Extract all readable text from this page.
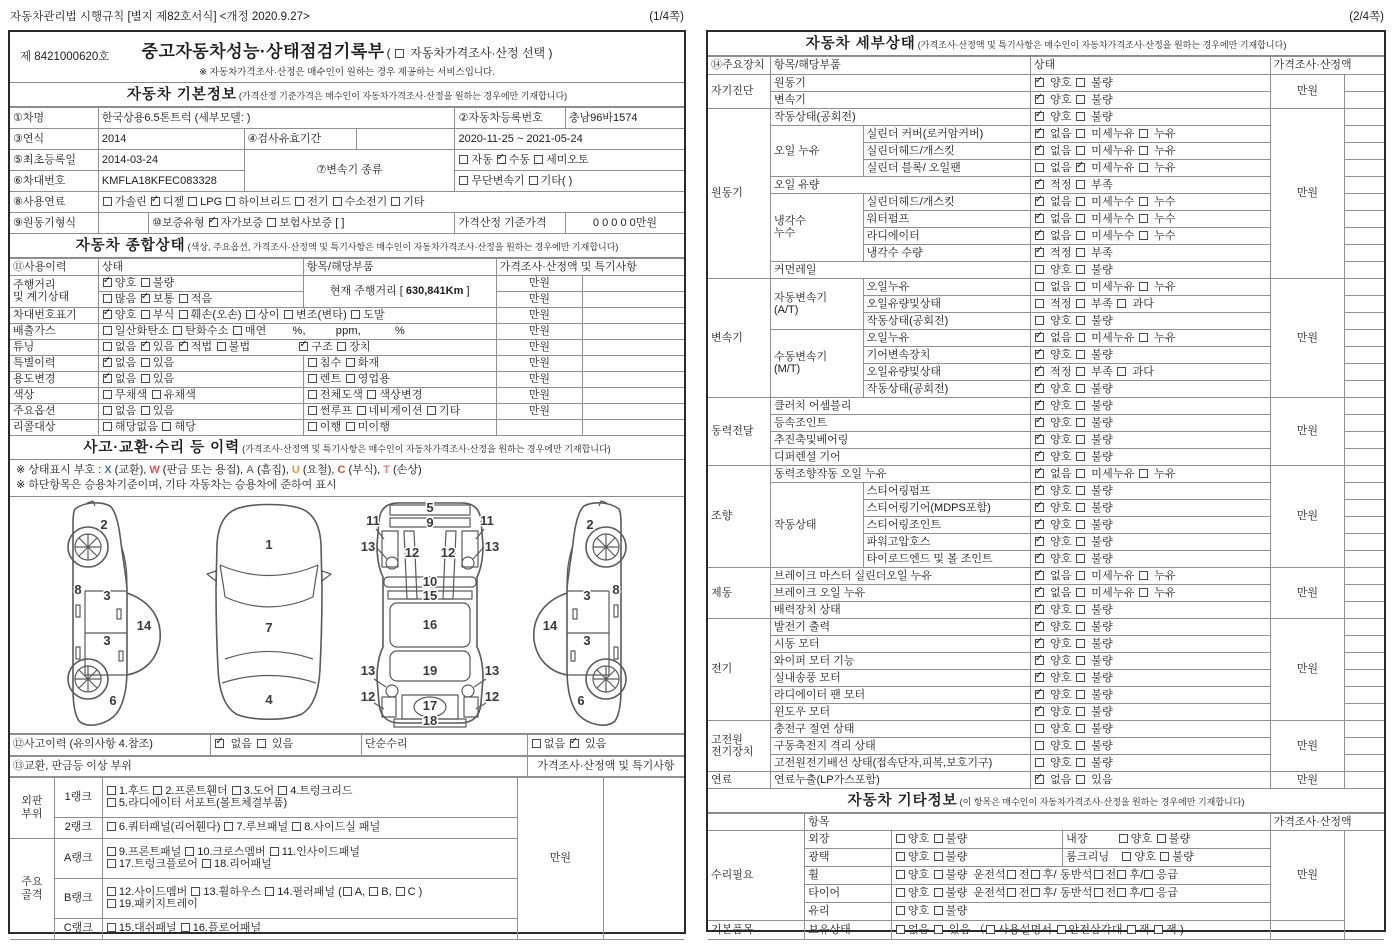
자동차관리법 시행규칙 [별지 제82호서식] <개정 2020.9.27>	(1/4쪽)
제 8421000620호	중고자동차성능·상태점검기록부 (  자동차가격조사·산정 선택 )
※ 자동차가격조사·산정은 매수인이 원하는 경우 제공하는 서비스입니다.
자동차 기본정보 (가격산정 기준가격은 매수인이 자동차가격조사·산정을 원하는 경우에만 기재합니다)
①차명	한국상용6.5톤트럭 (세부모델: )				②자동차등록번호	충남96바1574
③연식	2014		④검사유효기간		2020-11-25 ~ 2021-05-24	
⑤최초등록일	2014-03-24		⑦변속기 종류		자동 ✓수동 세미오토
⑥차대번호	KMFLA18KFEC083328				무단변속기 기타( )	
⑧사용연료	가솔린 ✓디젤 LPG 하이브리드 전기 수소전기 기타
⑨원동기형식		⑩보증유형 ✓자가보증 보험사보증 [ ]			가격산정 기준가격	0 0 0 0 0만원
자동차 종합상태 (색상, 주요옵션, 가격조사·산정액 및 특기사항은 매수인이 자동차가격조사·산정을 원하는 경우에만 기재합니다)
⑪사용이력	상태	항목/해당부품	가격조사·산정액 및 특기사항	
주행거리
및 계기상태	✓양호 불량	현재 주행거리 [ 630,841Km ]	만원	
	많음 ✓보통 적음		만원	
차대번호표기	✓양호 부식 훼손(오손) 상이 변조(변타) 도말		만원	
배출가스	일산화탄소 탄화수소 매연 %, ppm, %		만원	
튜닝	없음 ✓있음 ✓적법 불법 ✓ 구조 장치		만원	
특별이력	✓없음 있음	침수 화재	만원	
용도변경	✓없음 있음	렌트 영업용	만원	
색상	무채색 유채색	전체도색 색상변경	만원	
주요옵션	없음 있음	썬루프 네비게이션 기타	만원	
리콜대상	해당없음 해당	이행 미이행		
사고·교환·수리 등 이력 (가격조사·산정액 및 특기사항은 매수인이 자동차가격조사·산정을 원하는 경우에만 기재합니다)
※ 상태표시 부호 : X (교환), W (판금 또는 용접), A (흠집), U (요철), C (부식), T (손상)
※ 하단항목은 승용차기준이며, 기타 자동차는 승용차에 준하여 표시
2
8 3
14
3
6
1
7
4
5
11	9	11
13 12 12 13
10
15
16
13	19	13
12
17
12
18
2
3 8
14
3
6
⑫사고이력 (유의사항 4.참조)	✓ 없음  있음	단순수리	없음 ✓ 있음
⑬교환, 판금등 이상 부위	가격조사·산정액 및 특기사항
외판
부위	1랭크	1.후드 2.프론트휀더 3.도어 4.트렁크리드
5.라디에이터 서포트(볼트체결부품)	만원	
	2랭크	6.쿼터패널(리어휀다) 7.루브패널 8.사이드실 패널		
주요
골격	A랭크	9.프론트패널 10.크로스멤버 11.인사이드패널
17.트렁크플로어 18.리어패널		
	B랭크	12.사이드멤버 13.휠하우스 14.필러패널 ( A, B, C )
19.패키지트레이		
	C랭크	15.대쉬패널 16.플로어패널		
(2/4쪽)
자동차 세부상태 (가격조사·산정액 및 특기사항은 매수인이 자동차가격조사·산정을 원하는 경우에만 기재합니다)
⑭주요장치	항목/해당부품		상태	가격조사·산정액	
자기진단	원동기	✓ 양호  불량	만원	
	변속기	✓ 양호  불량	
원동기	작동상태(공회전)	✓ 양호  불량	만원	
	오일 누유	실린더 커버(로커암커버)	✓ 없음  미세누유  누유	
		실린더헤드/개스킷	✓ 없음  미세누유  누유	
		실린더 블록/ 오일팬	없음 ✓ 미세누유  누유	
	오일 유량	✓ 적정  부족	
	냉각수
누수	실린더헤드/개스킷	✓ 없음  미세누수  누수	
		워터펌프	✓ 없음  미세누수  누수	
		라디에이터	✓ 없음  미세누수  누수	
		냉각수 수량	✓ 적정  부족	
	커먼레일		양호  불량		
변속기	자동변속기
(A/T)	오일누유	없음  미세누유  누유	만원	
		오일유량및상태	적정  부족  과다		
		작동상태(공회전)	양호  불량		
	수동변속기
(M/T)	오일누유	✓ 없음  미세누유  누유	
		기어변속장치	✓ 양호  불량	
		오일유량및상태	✓ 적정  부족  과다	
		작동상태(공회전)	✓ 양호  불량	
동력전달	클러치 어셈블리	✓ 양호  불량	만원	
	등속조인트	✓ 양호  불량	
	추진축및베어링	✓ 양호  불량	
	디퍼렌셜 기어	✓ 양호  불량	
조향	동력조향작동 오일 누유	✓ 없음  미세누유  누유	만원	
	작동상태	스티어링펌프	✓ 양호  불량	
		스티어링기어(MDPS포함)	✓ 양호  불량	
		스티어링조인트	✓ 양호  불량	
		파워고압호스	✓ 양호  불량	
		타이로드엔드 및 볼 조인트	✓ 양호  불량	
제동	브레이크 마스터 실린더오일 누유	✓ 없음  미세누유  누유	만원	
	브레이크 오일 누유	✓ 없음  미세누유  누유	
	배력장치 상태	✓ 양호  불량	
전기	발전기 출력	✓ 양호  불량	만원	
	시동 모터	✓ 양호  불량	
	와이퍼 모터 기능	✓ 양호  불량	
	실내송풍 모터	✓ 양호  불량	
	라디에이터 팬 모터	✓ 양호  불량	
	윈도우 모터	✓ 양호  불량	
고전원
전기장치	충전구 절연 상태		양호  불량	만원	
	구동축전지 격리 상태		양호  불량		
	고전원전기배선 상태(접속단자,피복,보호기구)		양호  불량		
연료	연료누출(LP가스포함)	✓ 없음  있음	만원	
자동차 기타정보 (이 항목은 매수인이 자동차가격조사·산정을 원하는 경우에만 기재합니다)
	항목			가격조사·산정액	
수리필요	외장	양호 불량	내장 양호 불량	만원	
	광택	양호 불량	룸크리닝 양호 불량		
	휠	양호 불량 운전석 전 후/ 동반석 전 후/ 응급			
	타이어	양호 불량 운전석 전 후/ 동반석 전 후/ 응급			
	유리	양호 불량			
기본품목	보유상태	없음  있음 （ 사용설명서 안전삼각대 잭 잭 )			
